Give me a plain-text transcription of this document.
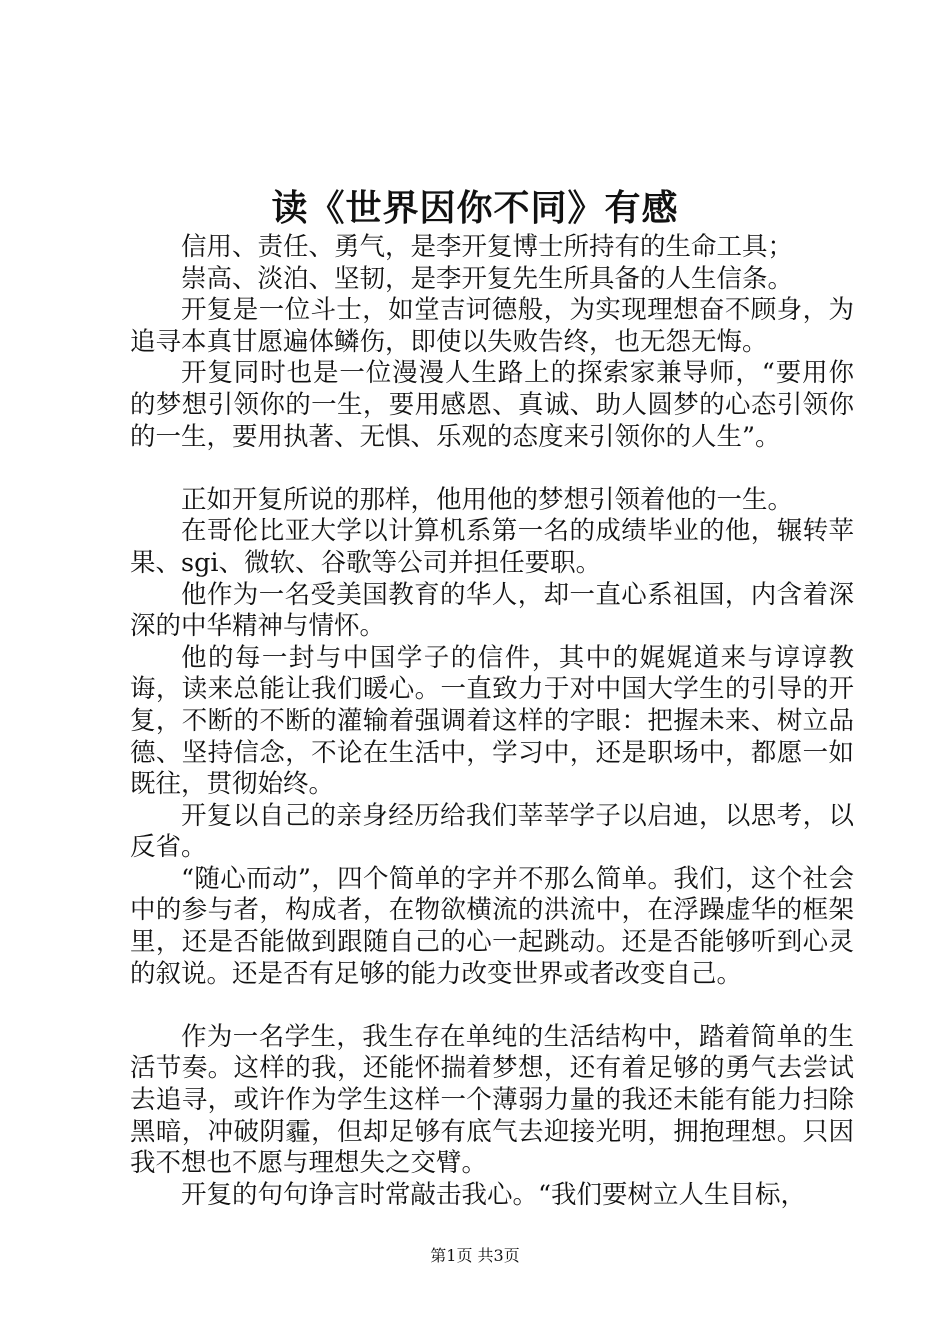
读《世界因你不同》有感

信用、责任、勇气，是李开复博士所持有的生命工具；

崇高、淡泊、坚韧，是李开复先生所具备的人生信条。

开复是一位斗士，如堂吉诃德般，为实现理想奋不顾身，为追寻本真甘愿遍体鳞伤，即使以失败告终，也无怨无悔。

开复同时也是一位漫漫人生路上的探索家兼导师，“要用你的梦想引领你的一生，要用感恩、真诚、助人圆梦的心态引领你的一生，要用执著、无惧、乐观的态度来引领你的人生”。

正如开复所说的那样，他用他的梦想引领着他的一生。

在哥伦比亚大学以计算机系第一名的成绩毕业的他，辗转苹果、sgi、微软、谷歌等公司并担任要职。

他作为一名受美国教育的华人，却一直心系祖国，内含着深深的中华精神与情怀。

他的每一封与中国学子的信件，其中的娓娓道来与谆谆教诲，读来总能让我们暖心。一直致力于对中国大学生的引导的开复，不断的不断的灌输着强调着这样的字眼：把握未来、树立品德、坚持信念，不论在生活中，学习中，还是职场中，都愿一如既往，贯彻始终。

开复以自己的亲身经历给我们莘莘学子以启迪，以思考，以反省。

“随心而动”，四个简单的字并不那么简单。我们，这个社会中的参与者，构成者，在物欲横流的洪流中，在浮躁虚华的框架里，还是否能做到跟随自己的心一起跳动。还是否能够听到心灵的叙说。还是否有足够的能力改变世界或者改变自己。

作为一名学生，我生存在单纯的生活结构中，踏着简单的生活节奏。这样的我，还能怀揣着梦想，还有着足够的勇气去尝试去追寻，或许作为学生这样一个薄弱力量的我还未能有能力扫除黑暗，冲破阴霾，但却足够有底气去迎接光明，拥抱理想。只因我不想也不愿与理想失之交臂。

开复的句句诤言时常敲击我心。“我们要树立人生目标，

第1页 共3页
